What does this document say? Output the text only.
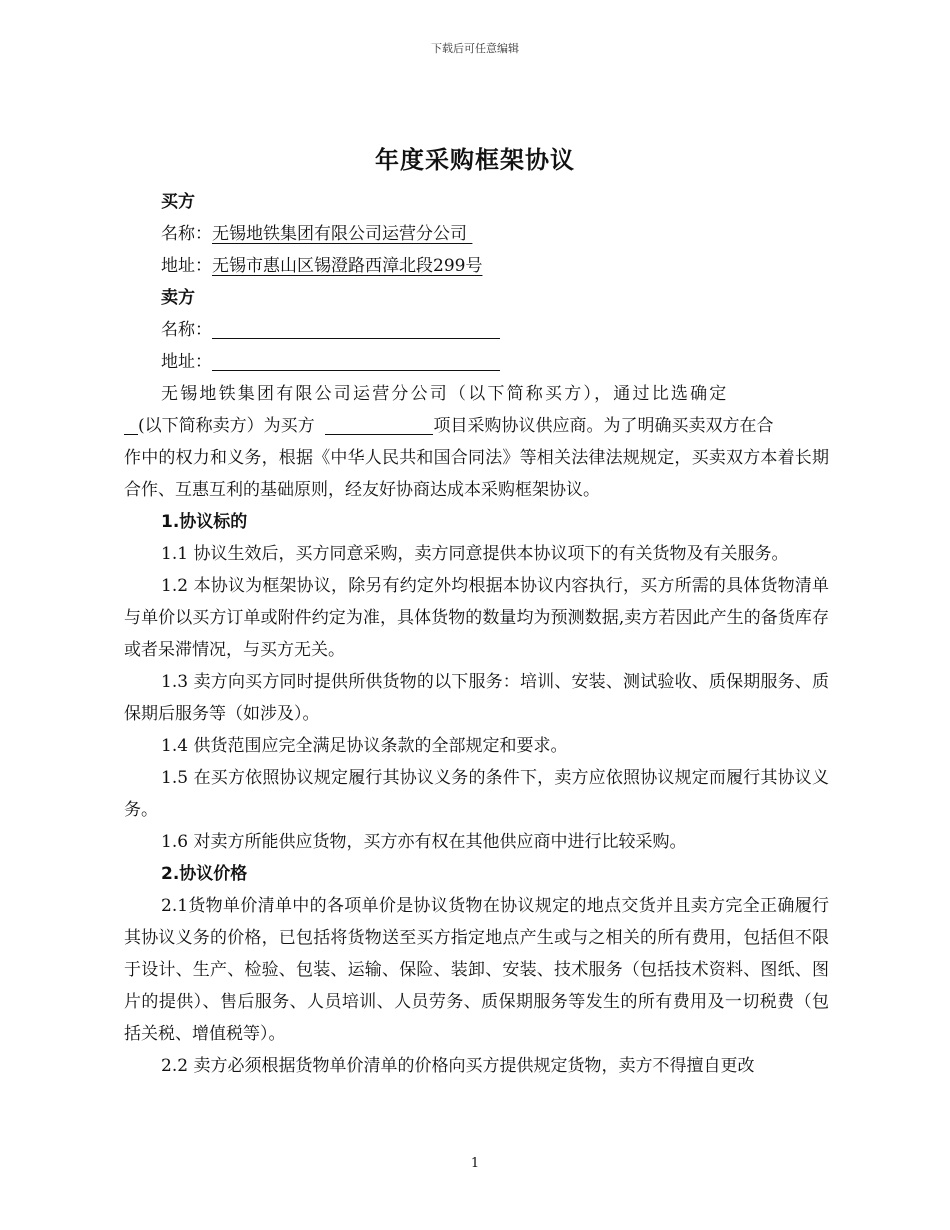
下载后可任意编辑
年度采购框架协议
买方
名称：无锡地铁集团有限公司运营分公司
地址：无锡市惠山区锡澄路西漳北段299号
卖方
名称：
地址：

无锡地铁集团有限公司运营分公司（以下简称买方），通过比选确定
(以下简称卖方）为买方	项目采购协议供应商。为了明确买卖双方在合

作中的权力和义务，根据《中华人民共和国合同法》等相关法律法规规定，买卖双方本着长期合作、互惠互利的基础原则，经友好协商达成本采购框架协议。

1.协议标的

1.1 协议生效后，买方同意采购，卖方同意提供本协议项下的有关货物及有关服务。

1.2 本协议为框架协议，除另有约定外均根据本协议内容执行，买方所需的具体货物清单与单价以买方订单或附件约定为准，具体货物的数量均为预测数据,卖方若因此产生的备货库存或者呆滞情况，与买方无关。

1.3 卖方向买方同时提供所供货物的以下服务：培训、安装、测试验收、质保期服务、质保期后服务等（如涉及）。

1.4 供货范围应完全满足协议条款的全部规定和要求。

1.5 在买方依照协议规定履行其协议义务的条件下，卖方应依照协议规定而履行其协议义务。

1.6 对卖方所能供应货物，买方亦有权在其他供应商中进行比较采购。

2.协议价格

2.1货物单价清单中的各项单价是协议货物在协议规定的地点交货并且卖方完全正确履行其协议义务的价格，已包括将货物送至买方指定地点产生或与之相关的所有费用，包括但不限于设计、生产、检验、包装、运输、保险、装卸、安装、技术服务（包括技术资料、图纸、图片的提供）、售后服务、人员培训、人员劳务、质保期服务等发生的所有费用及一切税费（包括关税、增值税等）。

2.2 卖方必须根据货物单价清单的价格向买方提供规定货物，卖方不得擅自更改

1
